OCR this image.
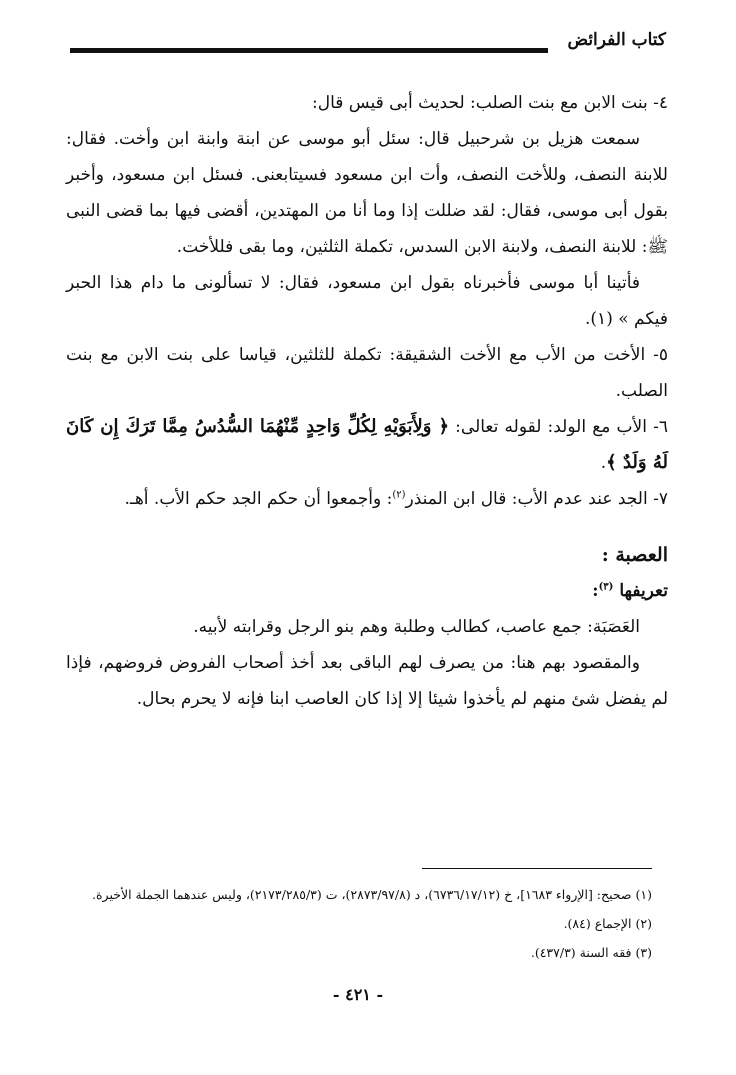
كتاب الفرائض

٤- بنت الابن مع بنت الصلب: لحديث أبى قيس قال:

سمعت هزيل بن شرحبيل قال: سئل أبو موسى عن ابنة وابنة ابن وأخت. فقال: للابنة النصف، وللأخت النصف، وأت ابن مسعود فسيتابعنى. فسئل ابن مسعود، وأخبر بقول أبى موسى، فقال: لقد ضللت إذا وما أنا من المهتدين، أقضى فيها بما قضى النبى ﷺ: للابنة النصف، ولابنة الابن السدس، تكملة الثلثين، وما بقى فللأخت.

فأتينا أبا موسى فأخبرناه بقول ابن مسعود، فقال: لا تسألونى ما دام هذا الحبر فيكم » (١).

٥- الأخت من الأب مع الأخت الشقيقة: تكملة للثلثين، قياسا على بنت الابن مع بنت الصلب.

٦- الأب مع الولد: لقوله تعالى: ﴿ وَلِأَبَوَيْهِ لِكُلِّ وَاحِدٍ مِّنْهُمَا السُّدُسُ مِمَّا تَرَكَ إِن كَانَ لَهُ وَلَدٌ ﴾.

٧- الجد عند عدم الأب: قال ابن المنذر$^{(٢)}$: وأجمعوا أن حكم الجد حكم الأب. أهـ.

العصبة :

تعريفها $^{(٣)}$:

العَصَبَة: جمع عاصب، كطالب وطلبة وهم بنو الرجل وقرابته لأبيه.

والمقصود بهم هنا: من يصرف لهم الباقى بعد أخذ أصحاب الفروض فروضهم، فإذا لم يفضل شئ منهم لم يأخذوا شيئا إلا إذا كان العاصب ابنا فإنه لا يحرم بحال.

(١) صحيح: [الإرواء ١٦٨٣]، خ (٦٧٣٦/١٧/١٢)، د (٢٨٧٣/٩٧/٨)، ت (٢١٧٣/٢٨٥/٣)، وليس عندهما الجملة الأخيرة.

(٢) الإجماع (٨٤).

(٣) فقه السنة (٤٣٧/٣).

- ٤٢١ -
